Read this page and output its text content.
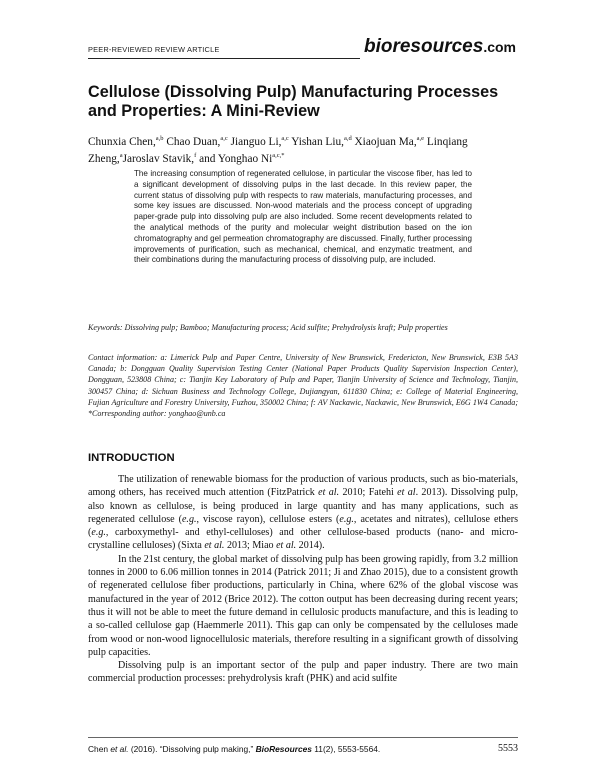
PEER-REVIEWED REVIEW ARTICLE	bioresources.com
Cellulose (Dissolving Pulp) Manufacturing Processes and Properties: A Mini-Review
Chunxia Chen,$^{a,b}$ Chao Duan,$^{a,c}$ Jianguo Li,$^{a,c}$ Yishan Liu,$^{a,d}$ Xiaojuan Ma,$^{a,e}$ Linqiang Zheng,$^a$Jaroslav Stavik,$^f$ and Yonghao $Ni^{a,c,*}$

The increasing consumption of regenerated cellulose, in particular the viscose fiber, has led to a significant development of dissolving pulps in the last decade. In this review paper, the current status of dissolving pulp with respects to raw materials, manufacturing processes, and some key issues are discussed. Non-wood materials and the process concept of upgrading paper-grade pulp into dissolving pulp are also included. Some recent developments related to the analytical methods of the purity and molecular weight distribution based on the ion chromatography and gel permeation chromatography are discussed. Finally, further processing improvements of purification, such as mechanical, chemical, and enzymatic treatment, and their combinations during the manufacturing process of dissolving pulp, are included.

Keywords: Dissolving pulp; Bamboo; Manufacturing process; Acid sulfite; Prehydrolysis kraft; Pulp properties

Contact information: a: Limerick Pulp and Paper Centre, University of New Brunswick, Fredericton, New Brunswick, E3B 5A3 Canada; b: Dongguan Quality Supervision Testing Center (National Paper Products Quality Supervision Inspection Center), Dongguan, 523808 China; c: Tianjin Key Laboratory of Pulp and Paper, Tianjin University of Science and Technology, Tianjin, 300457 China; d: Sichuan Business and Technology College, Dujiangyan, 611830 China; e: College of Material Engineering, Fujian Agriculture and Forestry University, Fuzhou, 350002 China; f: AV Nackawic, Nackawic, New Brunswick, E6G 1W4 Canada; *Corresponding author: yonghao@unb.ca

INTRODUCTION

The utilization of renewable biomass for the production of various products, such as bio-materials, among others, has received much attention (FitzPatrick et al. 2010; Fatehi et al. 2013). Dissolving pulp, also known as cellulose, is being produced in large quantity and has many applications, such as regenerated cellulose (e.g., viscose rayon), cellulose esters (e.g., acetates and nitrates), cellulose ethers (e.g., carboxymethyl- and ethyl-celluloses) and other cellulose-based products (nano- and micro-crystalline celluloses) (Sixta et al. 2013; Miao et al. 2014).

In the 21st century, the global market of dissolving pulp has been growing rapidly, from 3.2 million tonnes in 2000 to 6.06 million tonnes in 2014 (Patrick 2011; Ji and Zhao 2015), due to a consistent growth of regenerated cellulose fiber productions, particularly in China, where 62% of the global viscose was manufactured in the year of 2012 (Brice 2012). The cotton output has been decreasing during recent years; thus it will not be able to meet the future demand in cellulosic products manufacture, and this is leading to a so-called cellulose gap (Haemmerle 2011). This gap can only be compensated by the celluloses made from wood or non-wood lignocellulosic materials, therefore resulting in a significant growth of dissolving pulp capacities.

Dissolving pulp is an important sector of the pulp and paper industry. There are two main commercial production processes: prehydrolysis kraft (PHK) and acid sulfite

Chen et al. (2016). “Dissolving pulp making,” BioResources 11(2), 5553-5564.	5553
